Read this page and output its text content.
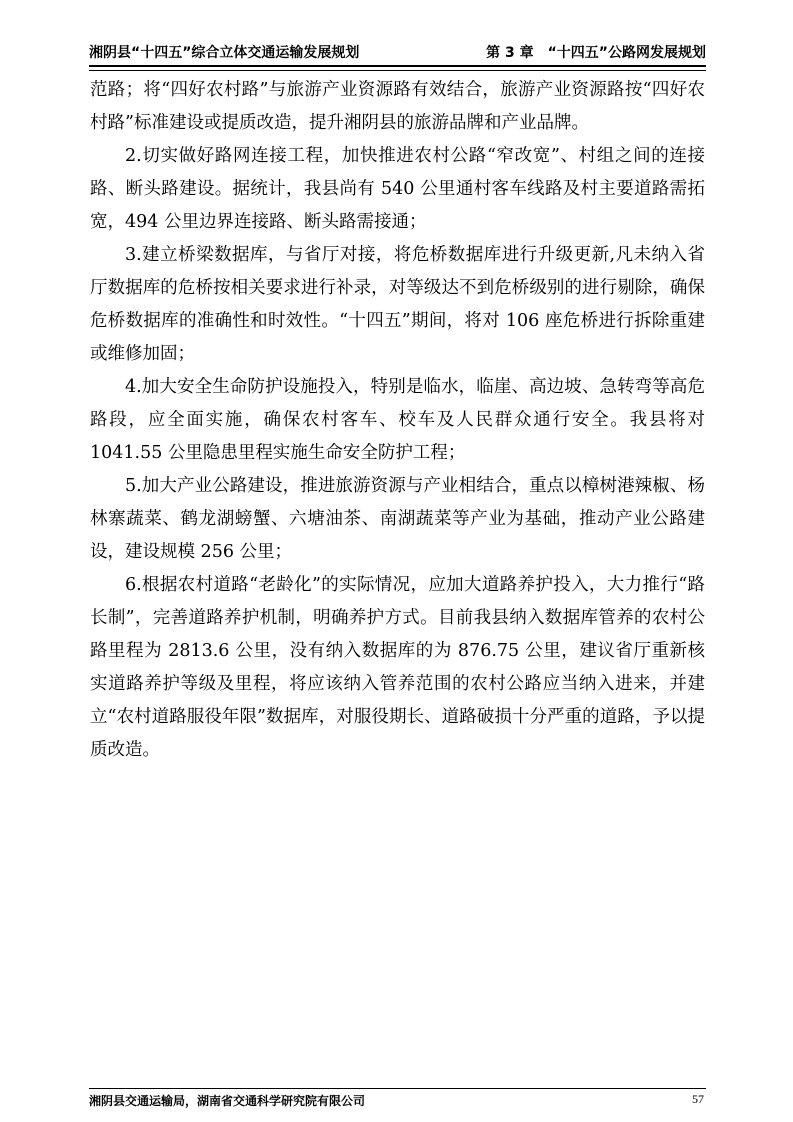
湘阴县“十四五”综合立体交通运输发展规划	第 3 章　“十四五”公路网发展规划

范路；将“四好农村路”与旅游产业资源路有效结合，旅游产业资源路按“四好农村路”标准建设或提质改造，提升湘阴县的旅游品牌和产业品牌。

2.切实做好路网连接工程，加快推进农村公路“窄改宽”、村组之间的连接路、断头路建设。据统计，我县尚有 540 公里通村客车线路及村主要道路需拓宽，494 公里边界连接路、断头路需接通；

3.建立桥梁数据库，与省厅对接，将危桥数据库进行升级更新,凡未纳入省厅数据库的危桥按相关要求进行补录，对等级达不到危桥级别的进行剔除，确保危桥数据库的准确性和时效性。“十四五”期间，将对 106 座危桥进行拆除重建或维修加固；

4.加大安全生命防护设施投入，特别是临水，临崖、高边坡、急转弯等高危路段，应全面实施，确保农村客车、校车及人民群众通行安全。我县将对 1041.55 公里隐患里程实施生命安全防护工程；

5.加大产业公路建设，推进旅游资源与产业相结合，重点以樟树港辣椒、杨林寨蔬菜、鹤龙湖螃蟹、六塘油茶、南湖蔬菜等产业为基础，推动产业公路建设，建设规模 256 公里；

6.根据农村道路“老龄化”的实际情况，应加大道路养护投入，大力推行“路长制”，完善道路养护机制，明确养护方式。目前我县纳入数据库管养的农村公路里程为 2813.6 公里，没有纳入数据库的为 876.75 公里，建议省厅重新核实道路养护等级及里程，将应该纳入管养范围的农村公路应当纳入进来，并建立“农村道路服役年限”数据库，对服役期长、道路破损十分严重的道路，予以提质改造。

湘阴县交通运输局，湖南省交通科学研究院有限公司	57
